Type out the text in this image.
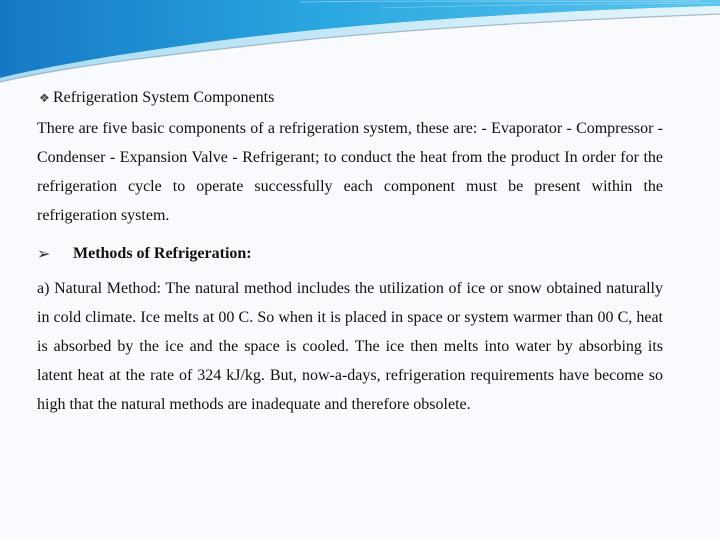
❖ Refrigeration System Components

There are five basic components of a refrigeration system, these are: - Evaporator - Compressor - Condenser - Expansion Valve - Refrigerant; to conduct the heat from the product In order for the refrigeration cycle to operate successfully each component must be present within the refrigeration system.

➢	Methods of Refrigeration:

a) Natural Method: The natural method includes the utilization of ice or snow obtained naturally in cold climate. Ice melts at 00 C. So when it is placed in space or system warmer than 00 C, heat is absorbed by the ice and the space is cooled. The ice then melts into water by absorbing its latent heat at the rate of 324 kJ/kg. But, now-a-days, refrigeration requirements have become so high that the natural methods are inadequate and therefore obsolete.
